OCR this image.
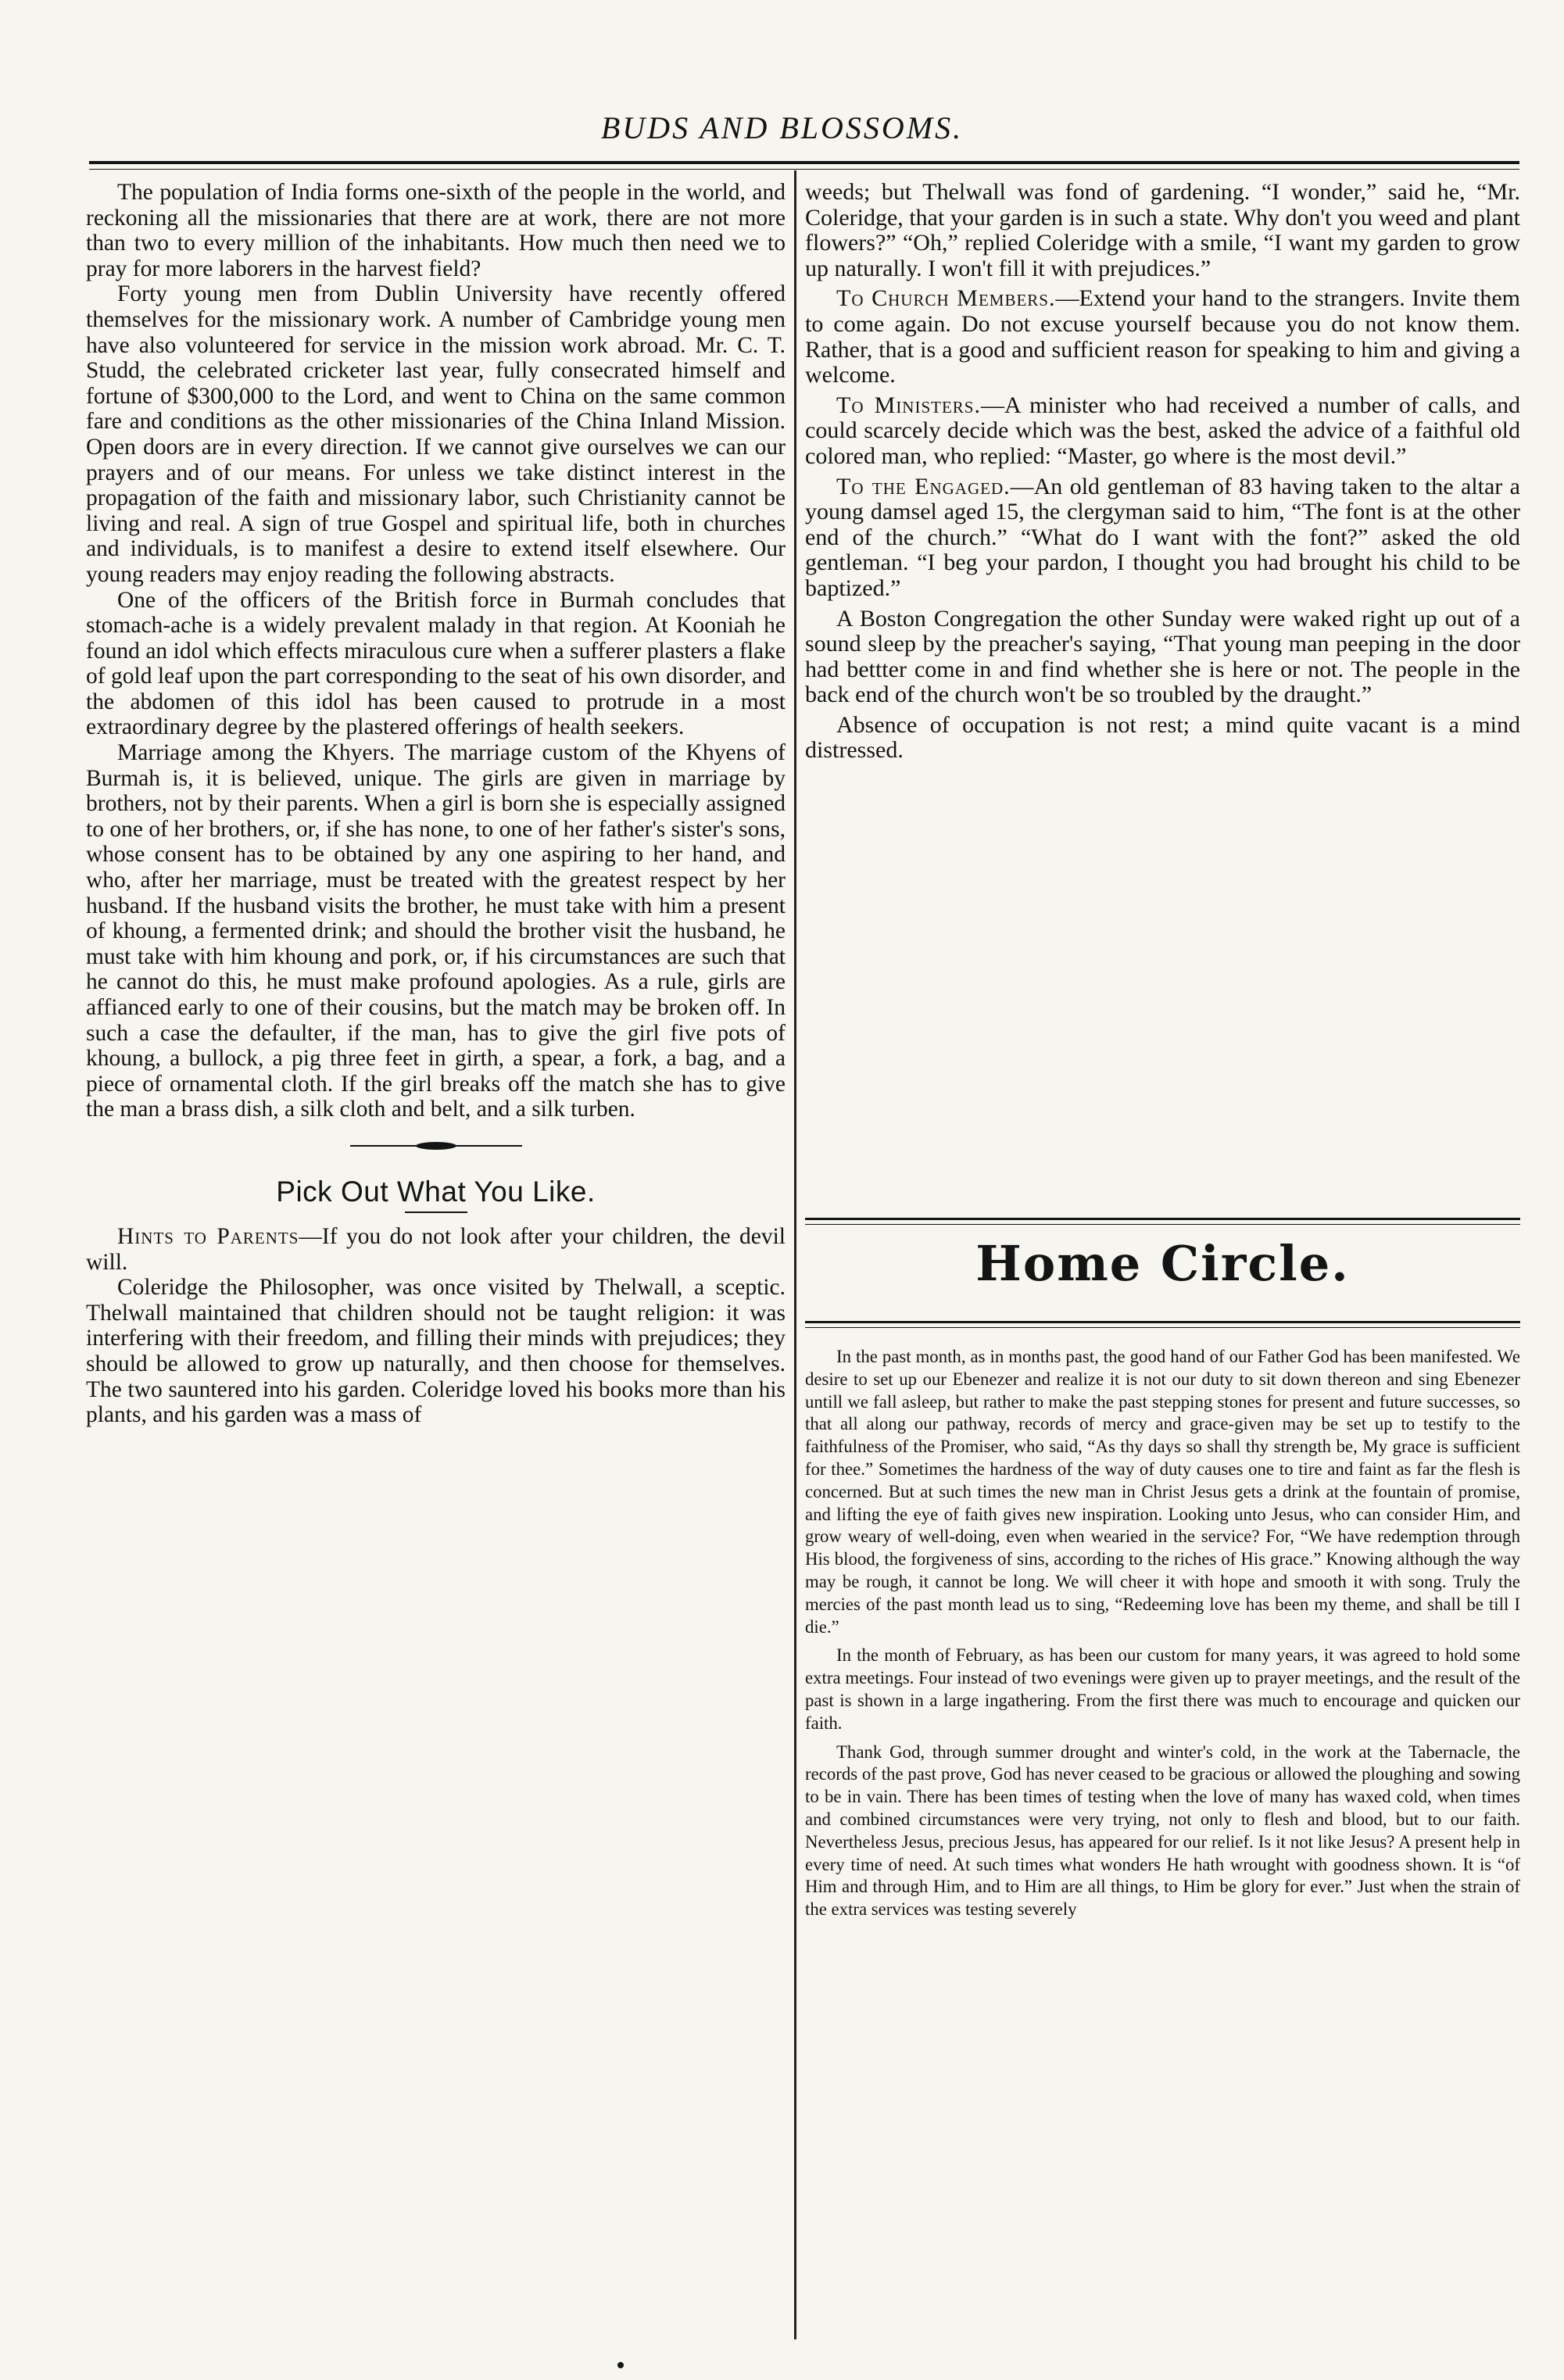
BUDS AND BLOSSOMS.

The population of India forms one-sixth of the people in the world, and reckoning all the missionaries that there are at work, there are not more than two to every million of the inhabitants. How much then need we to pray for more laborers in the harvest field?

Forty young men from Dublin University have recently offered themselves for the missionary work. A number of Cambridge young men have also volunteered for service in the mission work abroad. Mr. C. T. Studd, the celebrated cricketer last year, fully consecrated himself and fortune of $300,000 to the Lord, and went to China on the same common fare and conditions as the other missionaries of the China Inland Mission. Open doors are in every direction. If we cannot give ourselves we can our prayers and of our means. For unless we take distinct interest in the propagation of the faith and missionary labor, such Christianity cannot be living and real. A sign of true Gospel and spiritual life, both in churches and individuals, is to manifest a desire to extend itself elsewhere. Our young readers may enjoy reading the following abstracts.

One of the officers of the British force in Burmah concludes that stomach-ache is a widely prevalent malady in that region. At Kooniah he found an idol which effects miraculous cure when a sufferer plasters a flake of gold leaf upon the part corresponding to the seat of his own disorder, and the abdomen of this idol has been caused to protrude in a most extraordinary degree by the plastered offerings of health seekers.

Marriage among the Khyers. The marriage custom of the Khyens of Burmah is, it is believed, unique. The girls are given in marriage by brothers, not by their parents. When a girl is born she is especially assigned to one of her brothers, or, if she has none, to one of her father's sister's sons, whose consent has to be obtained by any one aspiring to her hand, and who, after her marriage, must be treated with the greatest respect by her husband. If the husband visits the brother, he must take with him a present of khoung, a fermented drink; and should the brother visit the husband, he must take with him khoung and pork, or, if his circumstances are such that he cannot do this, he must make profound apologies. As a rule, girls are affianced early to one of their cousins, but the match may be broken off. In such a case the defaulter, if the man, has to give the girl five pots of khoung, a bullock, a pig three feet in girth, a spear, a fork, a bag, and a piece of ornamental cloth. If the girl breaks off the match she has to give the man a brass dish, a silk cloth and belt, and a silk turben.

Pick Out What You Like.

Hints to Parents—If you do not look after your children, the devil will.

Coleridge the Philosopher, was once visited by Thelwall, a sceptic. Thelwall maintained that children should not be taught religion: it was interfering with their freedom, and filling their minds with prejudices; they should be allowed to grow up naturally, and then choose for themselves. The two sauntered into his garden. Coleridge loved his books more than his plants, and his garden was a mass of

weeds; but Thelwall was fond of gardening. “I wonder,” said he, “Mr. Coleridge, that your garden is in such a state. Why don't you weed and plant flowers?” “Oh,” replied Coleridge with a smile, “I want my garden to grow up naturally. I won't fill it with prejudices.”

To Church Members.—Extend your hand to the strangers. Invite them to come again. Do not excuse yourself because you do not know them. Rather, that is a good and sufficient reason for speaking to him and giving a welcome.

To Ministers.—A minister who had received a number of calls, and could scarcely decide which was the best, asked the advice of a faithful old colored man, who replied: “Master, go where is the most devil.”

To the Engaged.—An old gentleman of 83 having taken to the altar a young damsel aged 15, the clergyman said to him, “The font is at the other end of the church.” “What do I want with the font?” asked the old gentleman. “I beg your pardon, I thought you had brought his child to be baptized.”

A Boston Congregation the other Sunday were waked right up out of a sound sleep by the preacher's saying, “That young man peeping in the door had bettter come in and find whether she is here or not. The people in the back end of the church won't be so troubled by the draught.”

Absence of occupation is not rest; a mind quite vacant is a mind distressed.

Home Circle.

In the past month, as in months past, the good hand of our Father God has been manifested. We desire to set up our Ebenezer and realize it is not our duty to sit down thereon and sing Ebenezer untill we fall asleep, but rather to make the past stepping stones for present and future successes, so that all along our pathway, records of mercy and grace-given may be set up to testify to the faithfulness of the Promiser, who said, “As thy days so shall thy strength be, My grace is sufficient for thee.” Sometimes the hardness of the way of duty causes one to tire and faint as far the flesh is concerned. But at such times the new man in Christ Jesus gets a drink at the fountain of promise, and lifting the eye of faith gives new inspiration. Looking unto Jesus, who can consider Him, and grow weary of well-doing, even when wearied in the service? For, “We have redemption through His blood, the forgiveness of sins, according to the riches of His grace.” Knowing although the way may be rough, it cannot be long. We will cheer it with hope and smooth it with song. Truly the mercies of the past month lead us to sing, “Redeeming love has been my theme, and shall be till I die.”

In the month of February, as has been our custom for many years, it was agreed to hold some extra meetings. Four instead of two evenings were given up to prayer meetings, and the result of the past is shown in a large ingathering. From the first there was much to encourage and quicken our faith.

Thank God, through summer drought and winter's cold, in the work at the Tabernacle, the records of the past prove, God has never ceased to be gracious or allowed the ploughing and sowing to be in vain. There has been times of testing when the love of many has waxed cold, when times and combined circumstances were very trying, not only to flesh and blood, but to our faith. Nevertheless Jesus, precious Jesus, has appeared for our relief. Is it not like Jesus? A present help in every time of need. At such times what wonders He hath wrought with goodness shown. It is “of Him and through Him, and to Him are all things, to Him be glory for ever.” Just when the strain of the extra services was testing severely
